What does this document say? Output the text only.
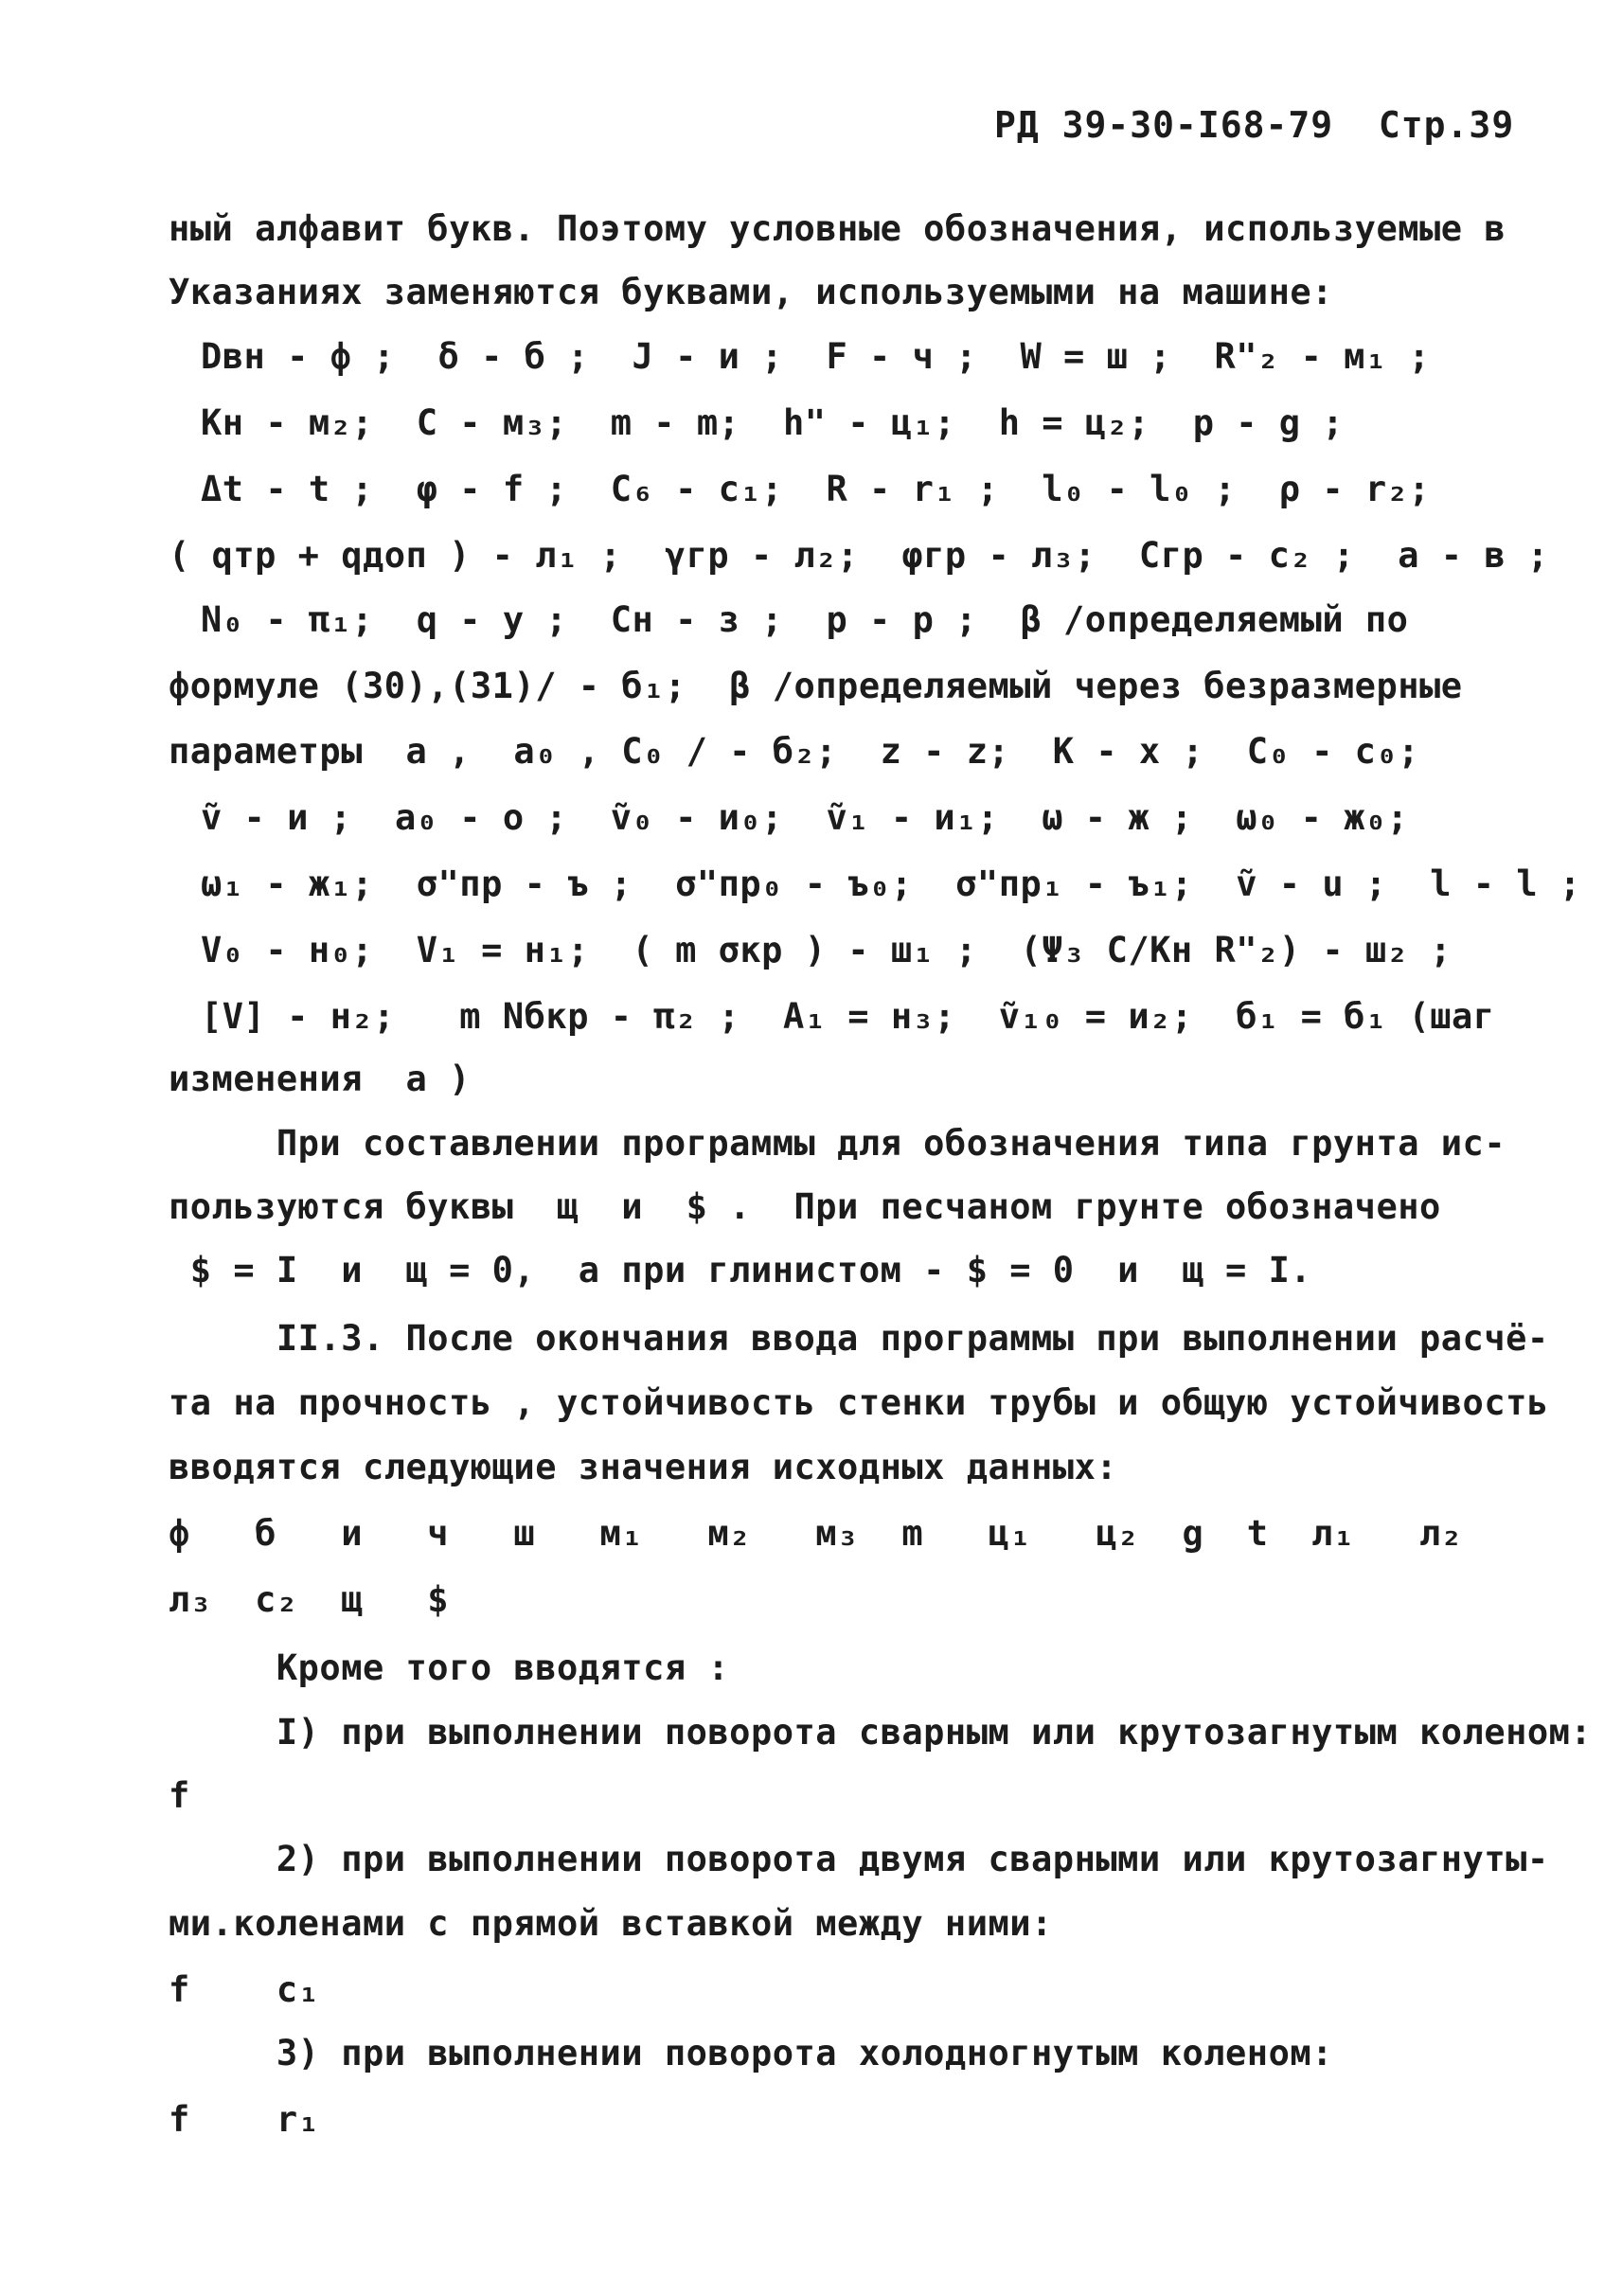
РД 39-30-I68-79  Стр.39
ный алфавит букв. Поэтому условные обозначения, используемые в
Указаниях заменяются буквами, используемыми на машине:
Dвн - ф ;  δ - б ;  J - и ;  F - ч ;  W = ш ;  R"₂ - м₁ ;
Kн - м₂;  C - м₃;  m - m;  h" - ц₁;  h = ц₂;  p - g ;
Δt - t ;  φ - f ;  C₆ - c₁;  R - r₁ ;  l₀ - l₀ ;  ρ - r₂;
( qтр + qдоп ) - л₁ ;  γгр - л₂;  φгр - л₃;  Cгр - c₂ ;  a - в ;
N₀ - π₁;  q - у ;  Cн - з ;  p - р ;  β /определяемый по
формуле (30),(31)/ - б₁;  β /определяемый через безразмерные
параметры  a ,  a₀ , C₀ / - б₂;  z - z;  K - х ;  C₀ - c₀;
ṽ - и ;  a₀ - о ;  ṽ₀ - и₀;  ṽ₁ - и₁;  ω - ж ;  ω₀ - ж₀;
ω₁ - ж₁;  σ"пр - ъ ;  σ"пр₀ - ъ₀;  σ"пр₁ - ъ₁;  ṽ - u ;  l - l ;
V₀ - н₀;  V₁ = н₁;  ( m σкр ) - ш₁ ;  (Ψ₃ C/Kн R"₂) - ш₂ ;
[V] - н₂;   m Nбкр - π₂ ;  A₁ = н₃;  ṽ₁₀ = и₂;  б₁ = б₁ (шаг
изменения  a )
При составлении программы для обозначения типа грунта ис-
пользуются буквы  щ  и  $ .  При песчаном грунте обозначено
$ = I  и  щ = 0,  а при глинистом - $ = 0  и  щ = I.
II.3. После окончания ввода программы при выполнении расчё-
та на прочность , устойчивость стенки трубы и общую устойчивость
вводятся следующие значения исходных данных:
ф   б   и   ч   ш   м₁   м₂   м₃  m   ц₁   ц₂  g  t  л₁   л₂
л₃  с₂  щ   $
Кроме того вводятся :
I) при выполнении поворота сварным или крутозагнутым коленом:
f
2) при выполнении поворота двумя сварными или крутозагнуты-
ми.коленами с прямой вставкой между ними:
f    c₁
3) при выполнении поворота холодногнутым коленом:
f    r₁
